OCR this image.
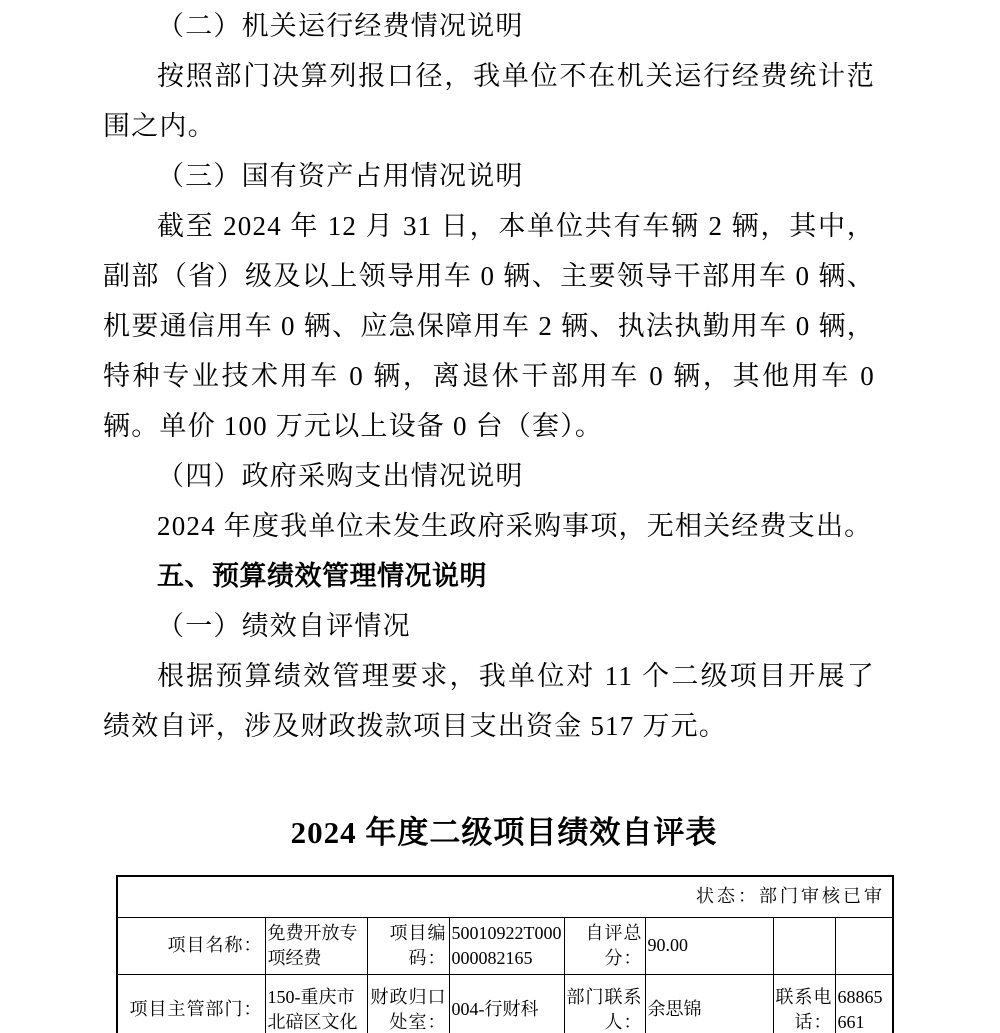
（二）机关运行经费情况说明

按照部门决算列报口径，我单位不在机关运行经费统计范围之内。

（三）国有资产占用情况说明

截至 2024 年 12 月 31 日，本单位共有车辆 2 辆，其中，副部（省）级及以上领导用车 0 辆、主要领导干部用车 0 辆、机要通信用车 0 辆、应急保障用车 2 辆、执法执勤用车 0 辆，特种专业技术用车 0 辆，离退休干部用车 0 辆，其他用车 0 辆。单价 100 万元以上设备 0 台（套）。

（四）政府采购支出情况说明

2024 年度我单位未发生政府采购事项，无相关经费支出。

五、预算绩效管理情况说明

（一）绩效自评情况

根据预算绩效管理要求，我单位对 11 个二级项目开展了绩效自评，涉及财政拨款项目支出资金 517 万元。

2024 年度二级项目绩效自评表
状态：部门审核已审							
项目名称：	免费开放专项经费	项目编码：	50010922T000000082165	自评总分：	90.00		
项目主管部门：	150-重庆市北碚区文化	财政归口处室：	004-行财科	部门联系人：	余思锦	联系电话：	68865661
